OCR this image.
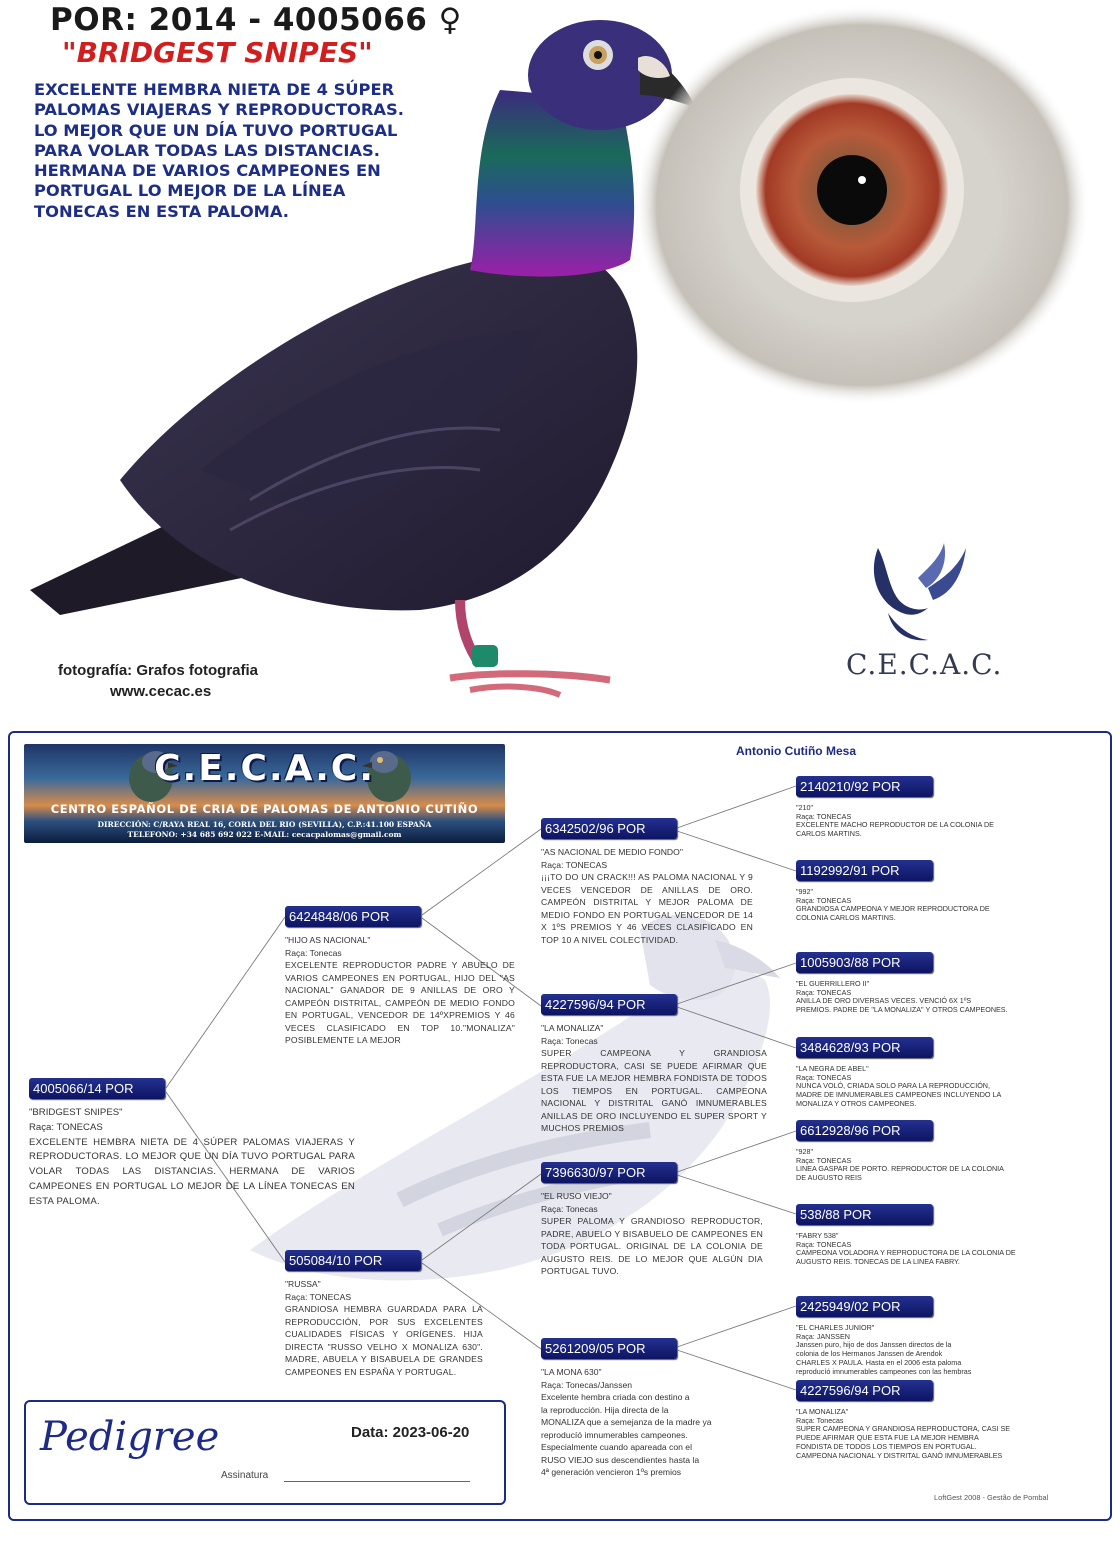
POR: 2014 - 4005066 ♀
"BRIDGEST SNIPES"
EXCELENTE HEMBRA NIETA DE 4 SÚPER
PALOMAS VIAJERAS Y REPRODUCTORAS.
LO MEJOR QUE UN DÍA TUVO PORTUGAL
PARA VOLAR TODAS LAS DISTANCIAS.
HERMANA DE VARIOS CAMPEONES EN
PORTUGAL LO MEJOR DE LA LÍNEA
TONECAS EN ESTA PALOMA.
fotografía: Grafos fotografia
www.cecac.es
C.E.C.A.C.
C.E.C.A.C.
CENTRO ESPAÑOL DE CRIA DE PALOMAS DE ANTONIO CUTIÑO
DIRECCIÓN: C/RAYA REAL 16, CORIA DEL RIO (SEVILLA), C.P.:41.100 ESPAÑA
TELEFONO: +34 685 692 022 E-MAIL: cecacpalomas@gmail.com
Antonio Cutiño Mesa
4005066/14 POR
"BRIDGEST SNIPES"
Raça: TONECAS
EXCELENTE HEMBRA NIETA DE 4 SÚPER PALOMAS VIAJERAS Y REPRODUCTORAS. LO MEJOR QUE UN DÍA TUVO PORTUGAL PARA VOLAR TODAS LAS DISTANCIAS. HERMANA DE VARIOS CAMPEONES EN PORTUGAL LO MEJOR DE LA LÍNEA TONECAS EN ESTA PALOMA.
6424848/06 POR
"HIJO AS NACIONAL"
Raça: Tonecas
EXCELENTE REPRODUCTOR PADRE Y ABUELO DE VARIOS CAMPEONES EN PORTUGAL, HIJO DEL "AS NACIONAL" GANADOR DE 9 ANILLAS DE ORO Y CAMPEÓN DISTRITAL, CAMPEÓN DE MEDIO FONDO EN PORTUGAL, VENCEDOR DE 14ºXPREMIOS Y 46 VECES CLASIFICADO EN TOP 10."MONALIZA" POSIBLEMENTE LA MEJOR
505084/10 POR
"RUSSA"
Raça: TONECAS
GRANDIOSA HEMBRA GUARDADA PARA LA REPRODUCCIÓN, POR SUS EXCELENTES CUALIDADES FÍSICAS Y ORÍGENES. HIJA DIRECTA "RUSSO VELHO X MONALIZA 630". MADRE, ABUELA Y BISABUELA DE GRANDES CAMPEONES EN ESPAÑA Y PORTUGAL.
6342502/96 POR
"AS NACIONAL DE MEDIO FONDO"
Raça: TONECAS
¡¡¡TO DO UN CRACK!!! AS PALOMA NACIONAL Y 9 VECES VENCEDOR DE ANILLAS DE ORO. CAMPEÓN DISTRITAL Y MEJOR PALOMA DE MEDIO FONDO EN PORTUGAL VENCEDOR DE 14 X 1ºS PREMIOS Y 46 VECES CLASIFICADO EN TOP 10 A NIVEL COLECTIVIDAD.
4227596/94 POR
"LA MONALIZA"
Raça: Tonecas
SUPER CAMPEONA Y GRANDIOSA REPRODUCTORA, CASI SE PUEDE AFIRMAR QUE ESTA FUE LA MEJOR HEMBRA FONDISTA DE TODOS LOS TIEMPOS EN PORTUGAL. CAMPEONA NACIONAL Y DISTRITAL GANÓ IMNUMERABLES ANILLAS DE ORO INCLUYENDO EL SUPER SPORT Y MUCHOS PREMIOS
7396630/97 POR
"EL RUSO VIEJO"
Raça: Tonecas
SUPER PALOMA Y GRANDIOSO REPRODUCTOR, PADRE, ABUELO Y BISABUELO DE CAMPEONES EN TODA PORTUGAL. ORIGINAL DE LA COLONIA DE AUGUSTO REIS. DE LO MEJOR QUE ALGÚN DIA PORTUGAL TUVO.
5261209/05 POR
"LA MONA 630"
Raça: Tonecas/Janssen
Excelente hembra criada con destino a
la reproducción. Hija directa de la
MONALIZA que a semejanza de la madre ya
reproducíó imnumerables campeones.
Especialmente cuando apareada con el
RUSO VIEJO sus descendientes hasta la
4ª generación vencieron 1ºs premios
2140210/92 POR
"210"
Raça: TONECAS
EXCELENTE MACHO REPRODUCTOR DE LA COLONIA DE
CARLOS MARTINS.
1192992/91 POR
"992"
Raça: TONECAS
GRANDIOSA CAMPEONA Y MEJOR REPRODUCTORA DE
COLONIA CARLOS MARTINS.
1005903/88 POR
"EL GUERRILLERO II"
Raça: TONECAS
ANILLA DE ORO DIVERSAS VECES. VENCIÓ 6X 1ºS
PREMIOS. PADRE DE "LA MONALIZA" Y OTROS CAMPEONES.
3484628/93 POR
"LA NEGRA DE ABEL"
Raça: TONECAS
NUNCA VOLÓ, CRIADA SOLO PARA LA REPRODUCCIÓN,
MADRE DE IMNUMERABLES CAMPEONES INCLUYENDO LA
MONALIZA Y OTROS CAMPEONES.
6612928/96 POR
"928"
Raça: TONECAS
LINEA GASPAR DE PORTO. REPRODUCTOR DE LA COLONIA
DE AUGUSTO REIS
538/88 POR
"FABRY 538"
Raça: TONECAS
CAMPEONA VOLADORA Y REPRODUCTORA DE LA COLONIA DE
AUGUSTO REIS. TONECAS DE LA LINEA FABRY.
2425949/02 POR
"EL CHARLES JUNIOR"
Raça: JANSSEN
Janssen puro, hijo de dos Janssen directos de la
colonia de los Hermanos Janssen de Arendok
CHARLES X PAULA. Hasta en el 2006 esta paloma
reproducíó imnumerables campeones con las hembras
4227596/94 POR
"LA MONALIZA"
Raça: Tonecas
SUPER CAMPEONA Y GRANDIOSA REPRODUCTORA, CASI SE
PUEDE AFIRMAR QUE ESTA FUE LA MEJOR HEMBRA
FONDISTA DE TODOS LOS TIEMPOS EN PORTUGAL.
CAMPEONA NACIONAL Y DISTRITAL GANÓ IMNUMERABLES
Pedigree	Data: 2023-06-20
Assinatura
LoftGest 2008 - Gestão de Pombal
